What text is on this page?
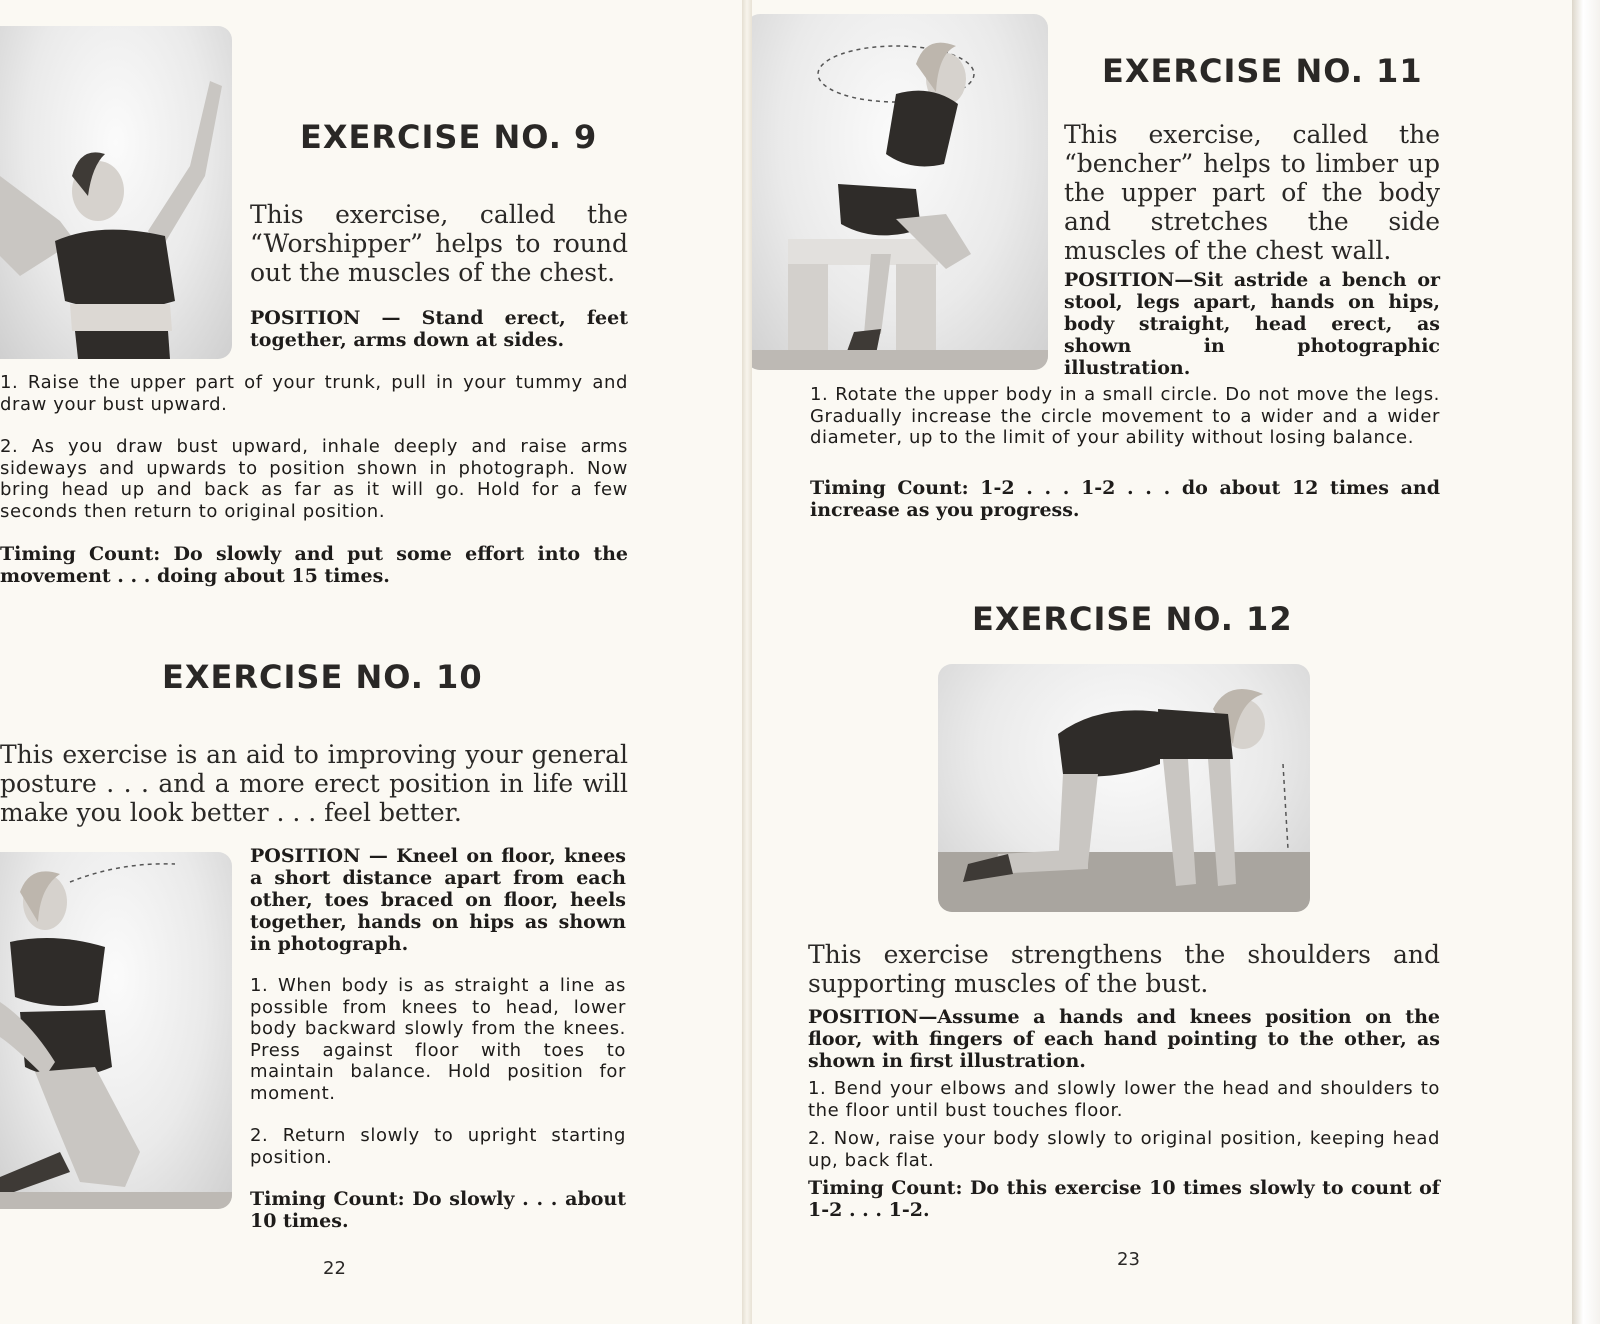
EXERCISE NO. 9

This exercise, called the “Worshipper” helps to round out the muscles of the chest.

POSITION — Stand erect, feet together, arms down at sides.

1. Raise the upper part of your trunk, pull in your tummy and draw your bust upward.

2. As you draw bust upward, inhale deeply and raise arms sideways and upwards to position shown in photograph. Now bring head up and back as far as it will go. Hold for a few seconds then return to original position.

Timing Count: Do slowly and put some effort into the movement . . . doing about 15 times.

EXERCISE NO. 10

This exercise is an aid to improving your general posture . . . and a more erect position in life will make you look better . . . feel better.

POSITION — Kneel on floor, knees a short distance apart from each other, toes braced on floor, heels together, hands on hips as shown in photograph.

1. When body is as straight a line as possible from knees to head, lower body backward slowly from the knees. Press against floor with toes to maintain balance. Hold position for moment.

2. Return slowly to upright starting position.

Timing Count: Do slowly . . . about 10 times.

22
EXERCISE NO. 11

This exercise, called the “bencher” helps to limber up the upper part of the body and stretches the side muscles of the chest wall.

POSITION—Sit astride a bench or stool, legs apart, hands on hips, body straight, head erect, as shown in photographic illustration.

1. Rotate the upper body in a small circle. Do not move the legs. Gradually increase the circle movement to a wider and a wider diameter, up to the limit of your ability without losing balance.

Timing Count: 1-2 . . . 1-2 . . . do about 12 times and increase as you progress.

EXERCISE NO. 12

This exercise strengthens the shoulders and supporting muscles of the bust.

POSITION—Assume a hands and knees position on the floor, with fingers of each hand pointing to the other, as shown in first illustration.

1. Bend your elbows and slowly lower the head and shoulders to the floor until bust touches floor.

2. Now, raise your body slowly to original position, keeping head up, back flat.

Timing Count: Do this exercise 10 times slowly to count of 1-2 . . . 1-2.

23
